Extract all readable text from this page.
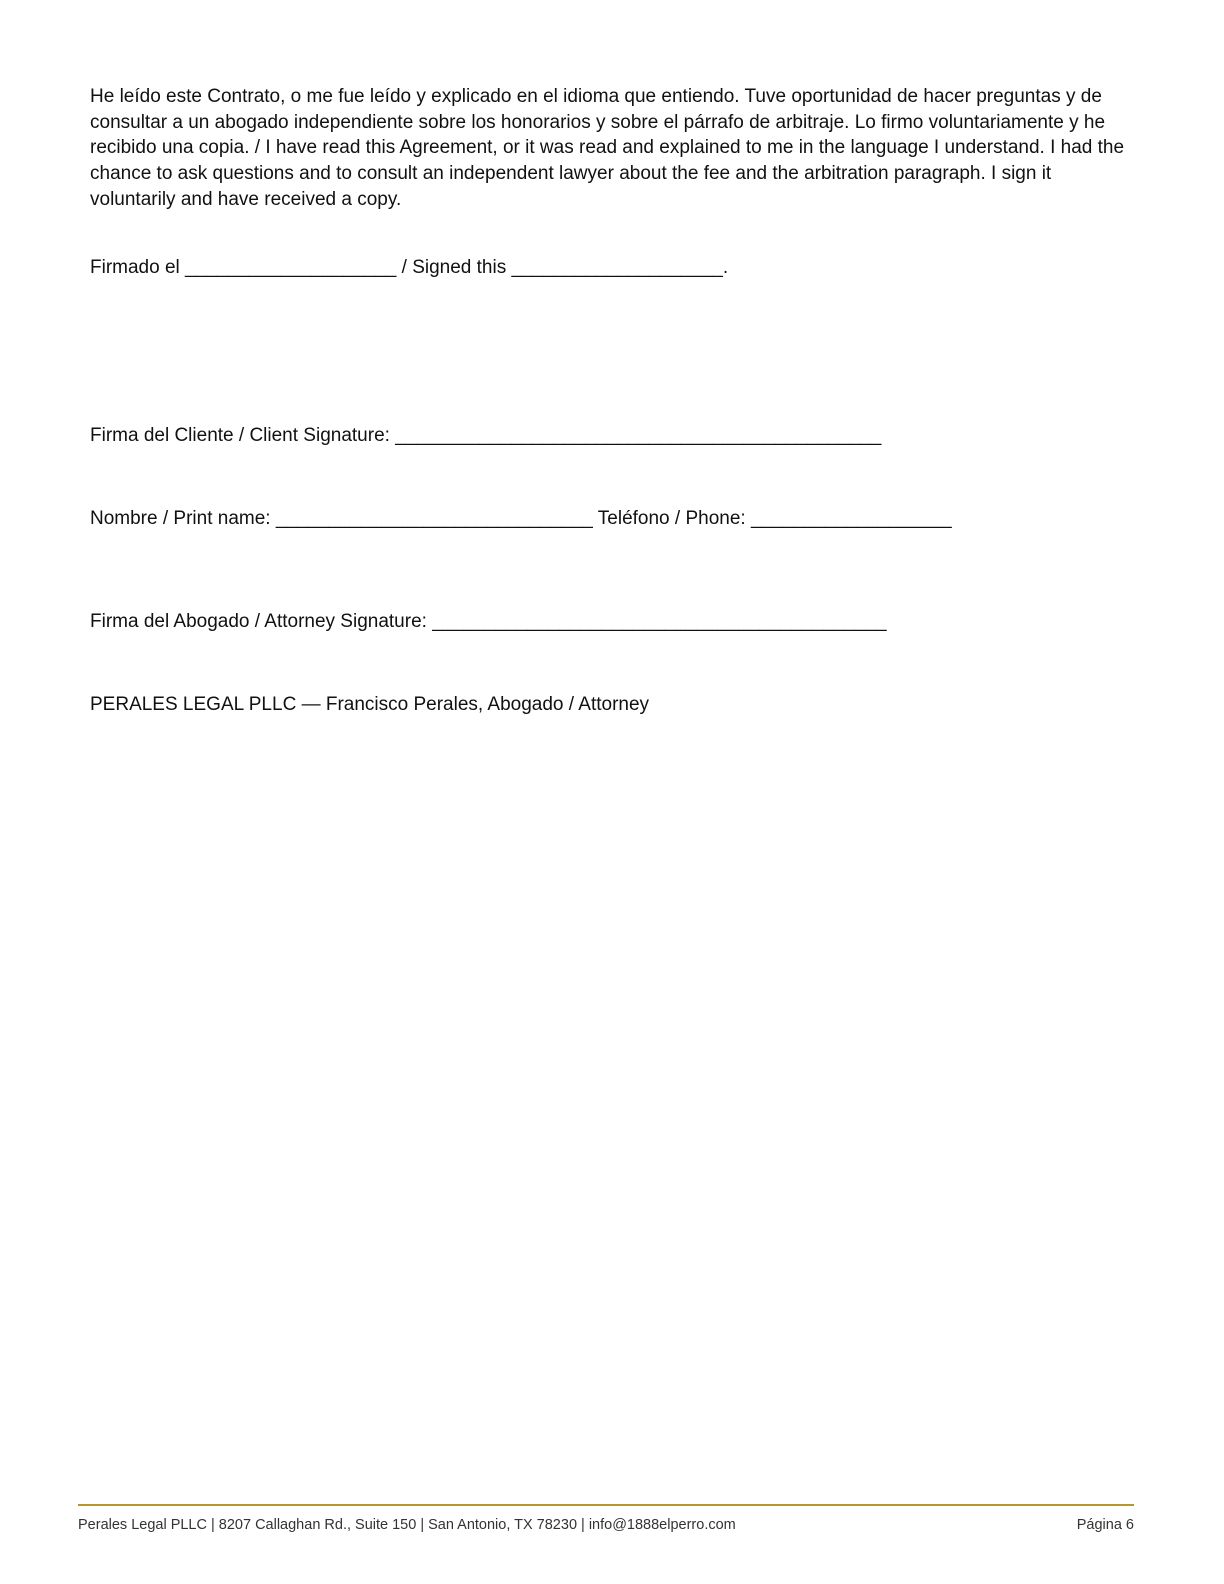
He leído este Contrato, o me fue leído y explicado en el idioma que entiendo. Tuve oportunidad de hacer preguntas y de consultar a un abogado independiente sobre los honorarios y sobre el párrafo de arbitraje. Lo firmo voluntariamente y he recibido una copia. / I have read this Agreement, or it was read and explained to me in the language I understand. I had the chance to ask questions and to consult an independent lawyer about the fee and the arbitration paragraph. I sign it voluntarily and have received a copy.

Firmado el ____________________ / Signed this ____________________.

Firma del Cliente / Client Signature: ______________________________________________

Nombre / Print name: ______________________________ Teléfono / Phone: ___________________

Firma del Abogado / Attorney Signature: ___________________________________________

PERALES LEGAL PLLC — Francisco Perales, Abogado / Attorney

Perales Legal PLLC | 8207 Callaghan Rd., Suite 150 | San Antonio, TX 78230 | info@1888elperro.com	Página 6
